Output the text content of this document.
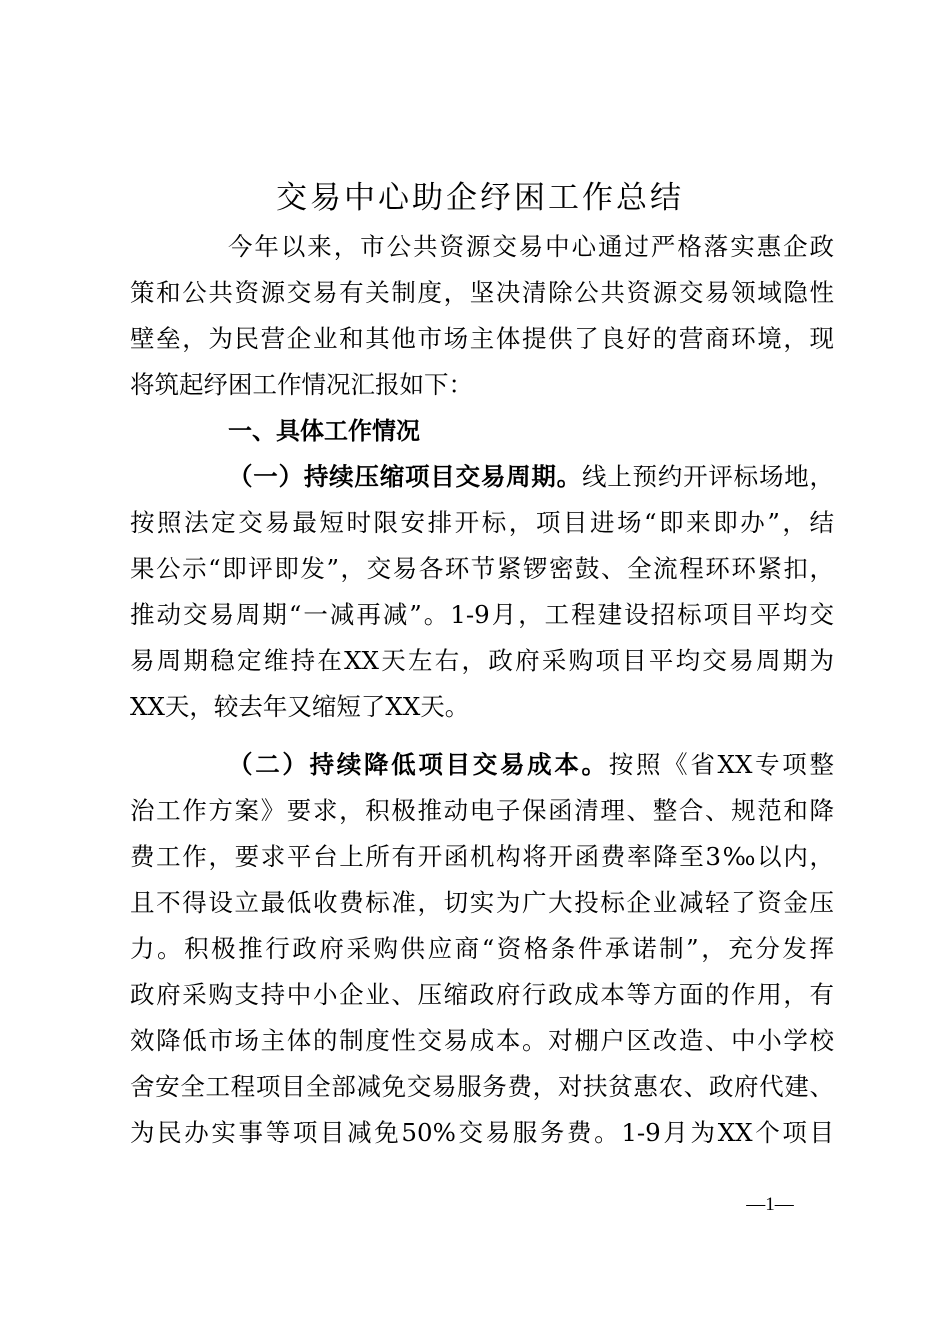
交易中心助企纾困工作总结
今年以来，市公共资源交易中心通过严格落实惠企政
策和公共资源交易有关制度，坚决清除公共资源交易领域隐性
壁垒，为民营企业和其他市场主体提供了良好的营商环境，现
将筑起纾困工作情况汇报如下：
一、具体工作情况
（一）持续压缩项目交易周期。线上预约开评标场地，
按照法定交易最短时限安排开标，项目进场“即来即办”，结
果公示“即评即发”，交易各环节紧锣密鼓、全流程环环紧扣，
推动交易周期“一减再减”。1-9月，工程建设招标项目平均交
易周期稳定维持在XX天左右，政府采购项目平均交易周期为
XX天，较去年又缩短了XX天。
（二）持续降低项目交易成本。按照《省XX专项整
治工作方案》要求，积极推动电子保函清理、整合、规范和降
费工作，要求平台上所有开函机构将开函费率降至3‰以内，
且不得设立最低收费标准，切实为广大投标企业减轻了资金压
力。积极推行政府采购供应商“资格条件承诺制”，充分发挥
政府采购支持中小企业、压缩政府行政成本等方面的作用，有
效降低市场主体的制度性交易成本。对棚户区改造、中小学校
舍安全工程项目全部减免交易服务费，对扶贫惠农、政府代建、
为民办实事等项目减免50%交易服务费。1-9月为XX个项目
—1—
